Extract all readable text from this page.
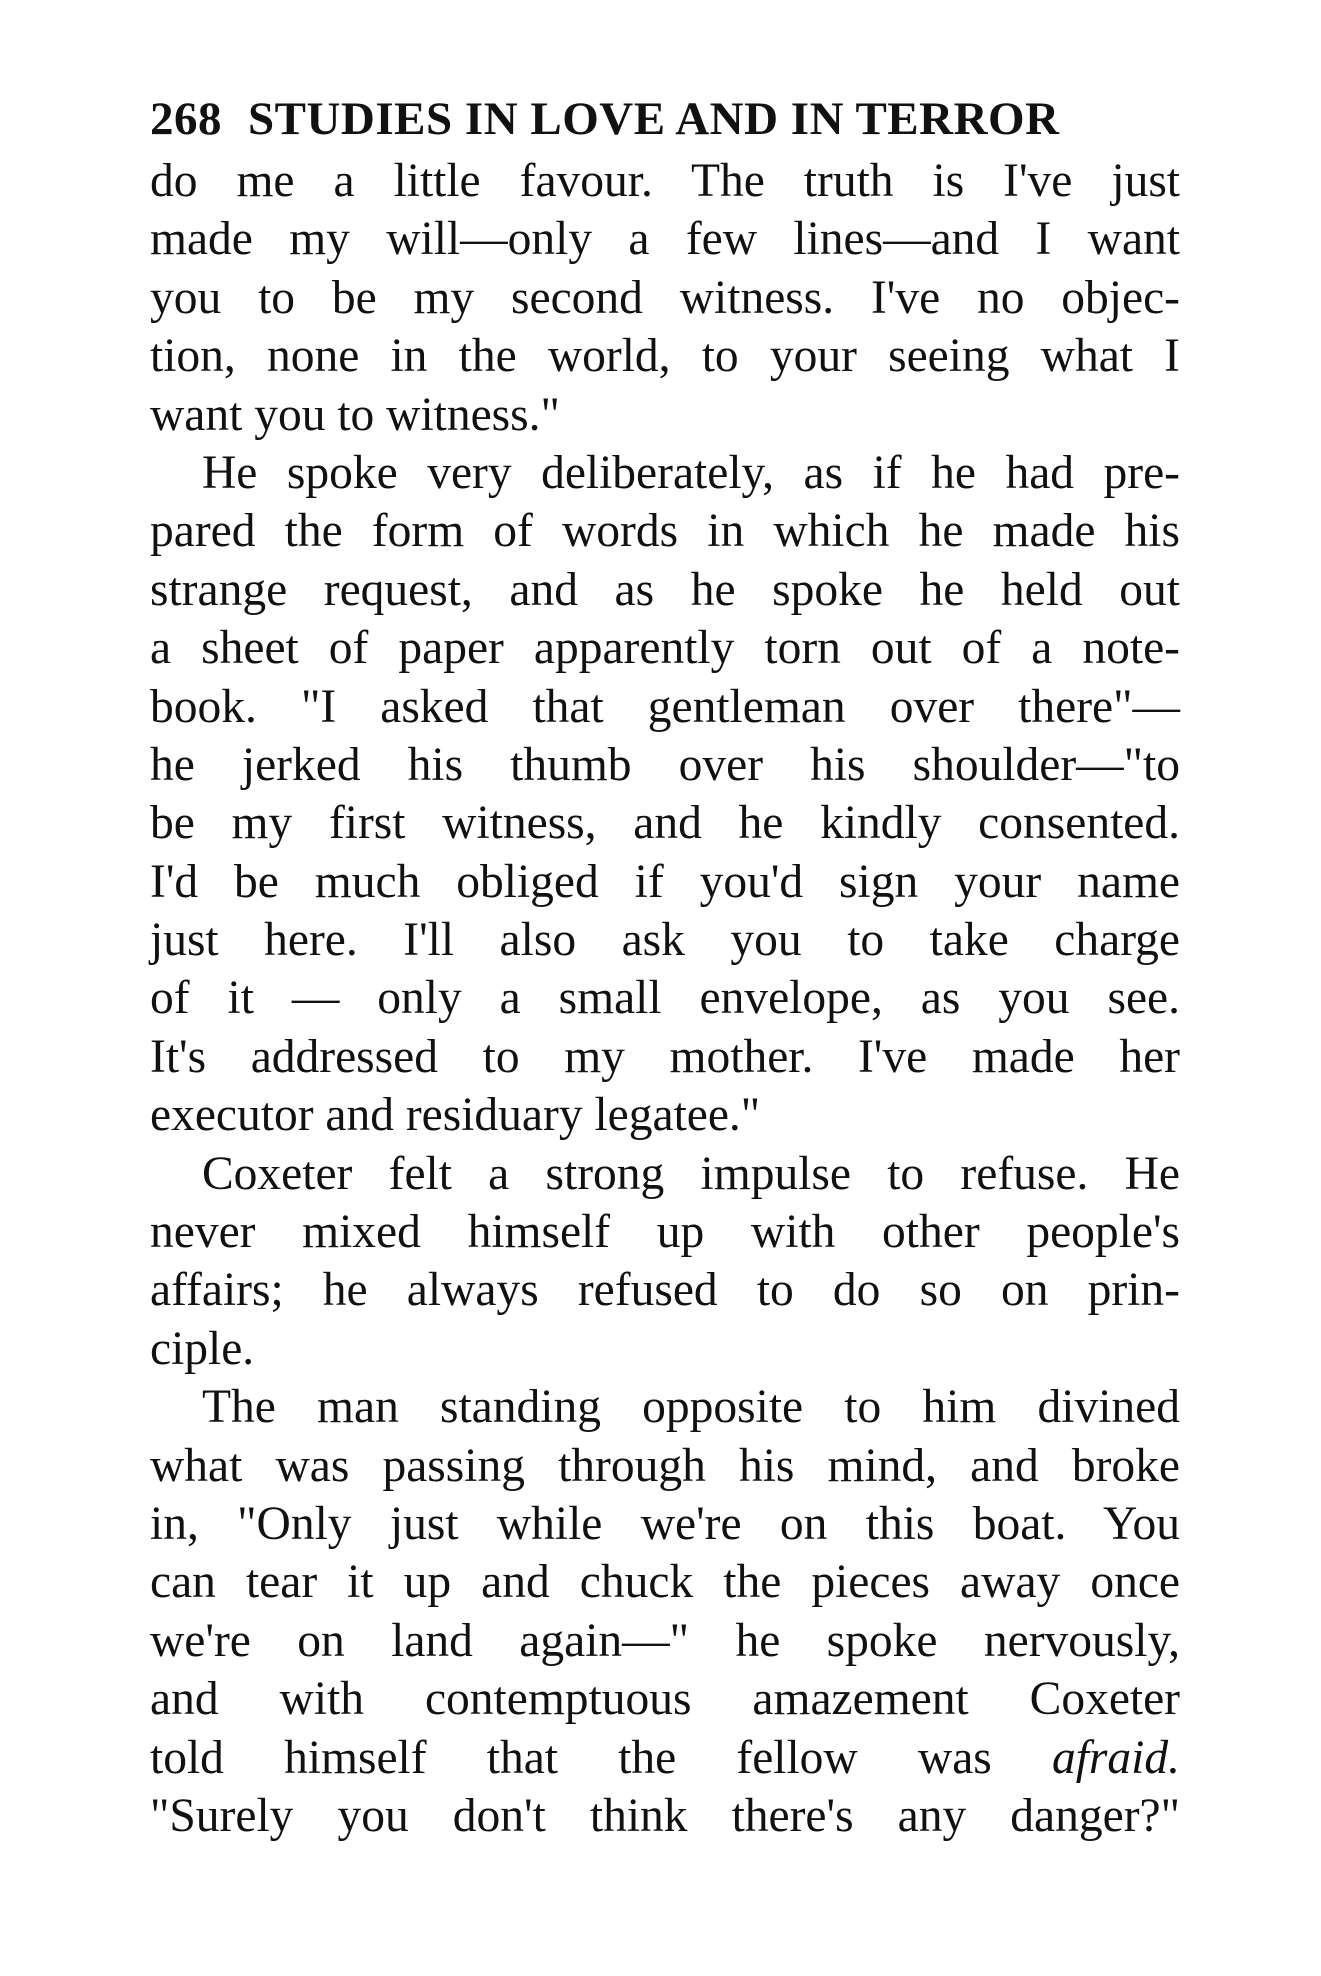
268 STUDIES IN LOVE AND IN TERROR
do me a little favour. The truth is I've just
made my will—only a few lines—and I want
you to be my second witness. I've no objec-
tion, none in the world, to your seeing what I
want you to witness."
He spoke very deliberately, as if he had pre-
pared the form of words in which he made his
strange request, and as he spoke he held out
a sheet of paper apparently torn out of a note-
book. "I asked that gentleman over there"—
he jerked his thumb over his shoulder—"to
be my first witness, and he kindly consented.
I'd be much obliged if you'd sign your name
just here. I'll also ask you to take charge
of it — only a small envelope, as you see.
It's addressed to my mother. I've made her
executor and residuary legatee."
Coxeter felt a strong impulse to refuse. He
never mixed himself up with other people's
affairs; he always refused to do so on prin-
ciple.
The man standing opposite to him divined
what was passing through his mind, and broke
in, "Only just while we're on this boat. You
can tear it up and chuck the pieces away once
we're on land again—" he spoke nervously,
and with contemptuous amazement Coxeter
told himself that the fellow was afraid.
"Surely you don't think there's any danger?"
